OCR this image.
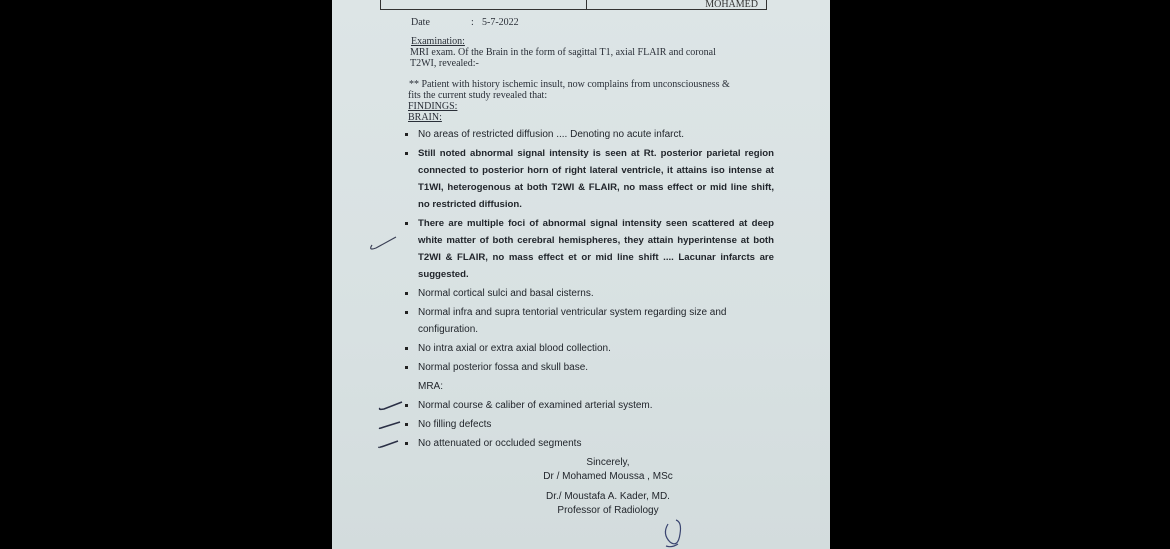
MOHAMED
Date	: 5-7-2022
Examination:
MRI exam. Of the Brain in the form of sagittal T1, axial FLAIR and coronal
T2WI, revealed:-
** Patient with history ischemic insult, now complains from unconsciousness &
fits the current study revealed that:
FINDINGS:
BRAIN:
No areas of restricted diffusion .... Denoting no acute infarct.
Still noted abnormal signal intensity is seen at Rt. posterior parietal region connected to posterior horn of right lateral ventricle, it attains iso intense at T1WI, heterogenous at both T2WI & FLAIR, no mass effect or mid line shift, no restricted diffusion.
There are multiple foci of abnormal signal intensity seen scattered at deep white matter of both cerebral hemispheres, they attain hyperintense at both T2WI & FLAIR, no mass effect et or mid line shift .... Lacunar infarcts are suggested.
Normal cortical sulci and basal cisterns.
Normal infra and supra tentorial ventricular system regarding size and configuration.
No intra axial or extra axial blood collection.
Normal posterior fossa and skull base.
MRA:
Normal course & caliber of examined arterial system.
No filling defects
No attenuated or occluded segments
Sincerely,
Dr / Mohamed Moussa , MSc
Dr./ Moustafa A. Kader, MD.
Professor of Radiology
